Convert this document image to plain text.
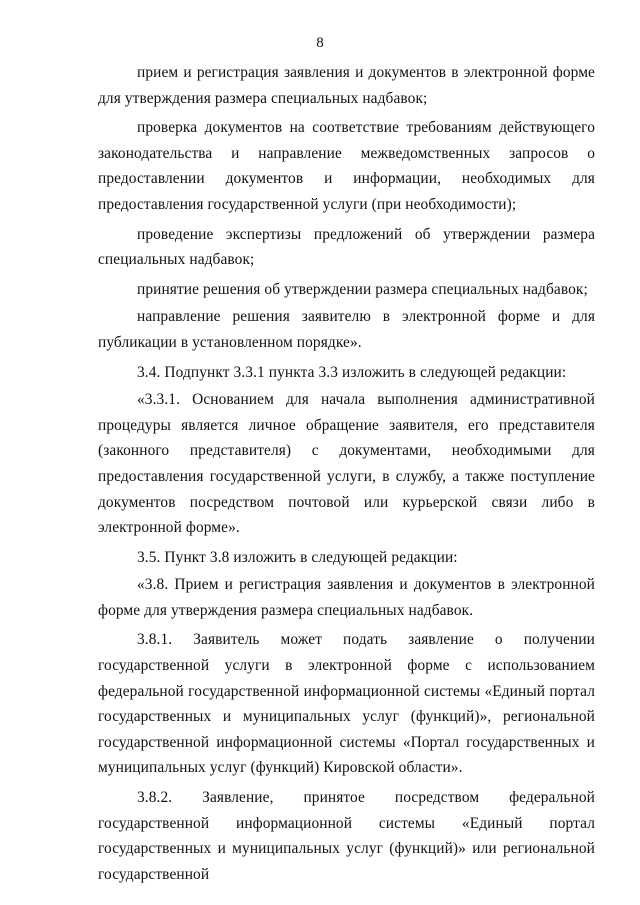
8

прием и регистрация заявления и документов в электронной форме для утверждения размера специальных надбавок;

проверка документов на соответствие требованиям действующего законодательства и направление межведомственных запросов о предоставлении документов и информации, необходимых для предоставления государственной услуги (при необходимости);

проведение экспертизы предложений об утверждении размера специальных надбавок;

принятие решения об утверждении размера специальных надбавок;

направление решения заявителю в электронной форме и для публикации в установленном порядке».

3.4. Подпункт 3.3.1 пункта 3.3 изложить в следующей редакции:

«3.3.1. Основанием для начала выполнения административной процедуры является личное обращение заявителя, его представителя (законного представителя) с документами, необходимыми для предоставления государственной услуги, в службу, а также поступление документов посредством почтовой или курьерской связи либо в электронной форме».

3.5. Пункт 3.8 изложить в следующей редакции:

«3.8. Прием и регистрация заявления и документов в электронной форме для утверждения размера специальных надбавок.

3.8.1. Заявитель может подать заявление о получении государственной услуги в электронной форме с использованием федеральной государственной информационной системы «Единый портал государственных и муниципальных услуг (функций)», региональной государственной информационной системы «Портал государственных и муниципальных услуг (функций) Кировской области».

3.8.2. Заявление, принятое посредством федеральной государственной информационной системы «Единый портал государственных и муниципальных услуг (функций)» или региональной государственной
